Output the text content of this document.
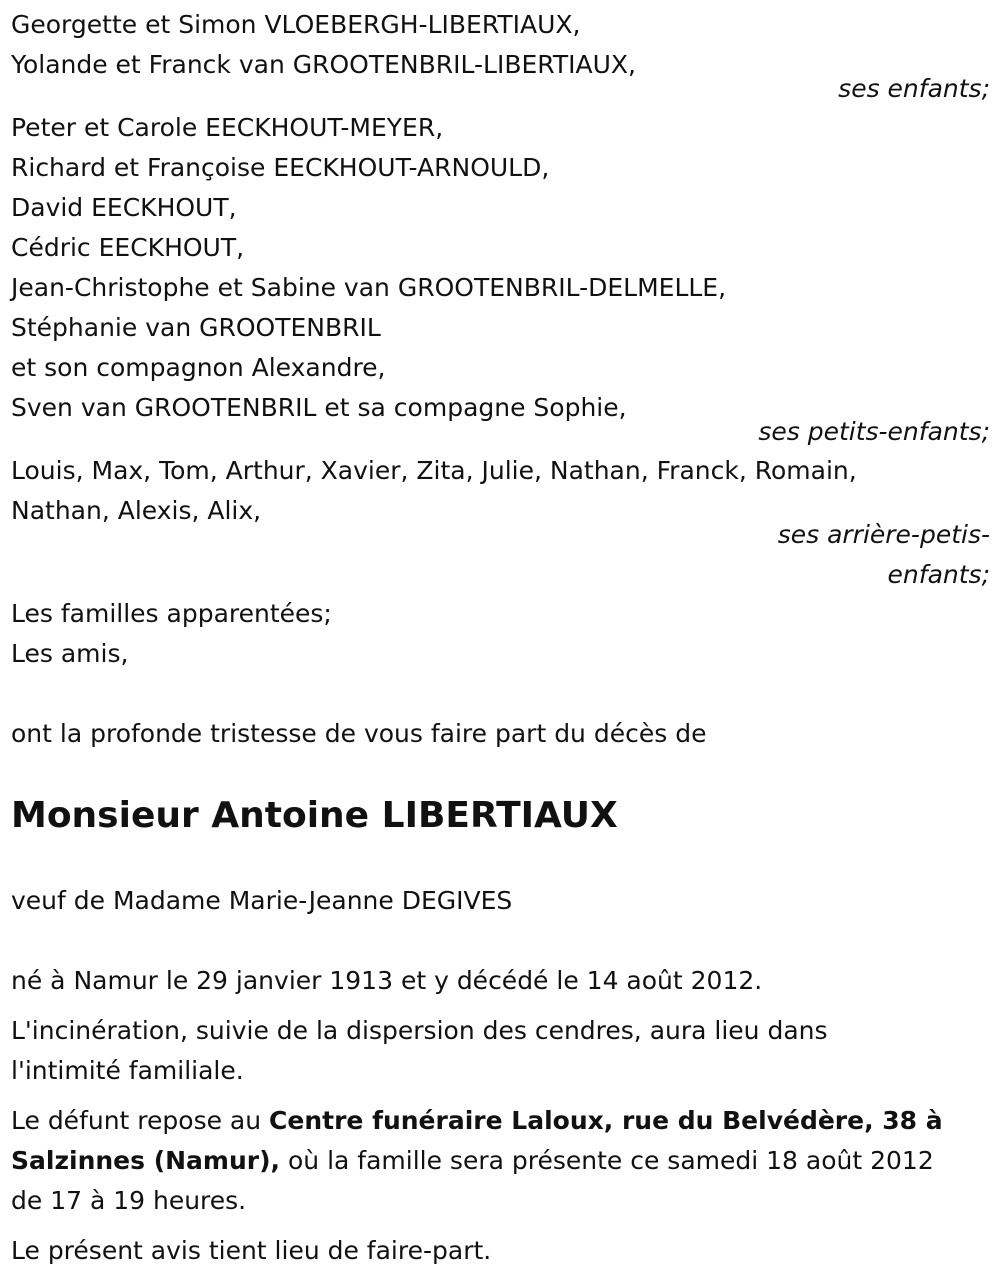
Georgette et Simon VLOEBERGH-LIBERTIAUX,
Yolande et Franck van GROOTENBRIL-LIBERTIAUX,
ses enfants;
Peter et Carole EECKHOUT-MEYER,
Richard et Françoise EECKHOUT-ARNOULD,
David EECKHOUT,
Cédric EECKHOUT,
Jean-Christophe et Sabine van GROOTENBRIL-DELMELLE,
Stéphanie van GROOTENBRIL
et son compagnon Alexandre,
Sven van GROOTENBRIL et sa compagne Sophie,
ses petits-enfants;
Louis, Max, Tom, Arthur, Xavier, Zita, Julie, Nathan, Franck, Romain,
Nathan, Alexis, Alix,
ses arrière-petis-
enfants;
Les familles apparentées;
Les amis,
ont la profonde tristesse de vous faire part du décès de
Monsieur Antoine LIBERTIAUX
veuf de Madame Marie-Jeanne DEGIVES
né à Namur le 29 janvier 1913 et y décédé le 14 août 2012.
L'incinération, suivie de la dispersion des cendres, aura lieu dans
l'intimité familiale.
Le défunt repose au Centre funéraire Laloux, rue du Belvédère, 38 à
Salzinnes (Namur), où la famille sera présente ce samedi 18 août 2012
de 17 à 19 heures.
Le présent avis tient lieu de faire-part.
